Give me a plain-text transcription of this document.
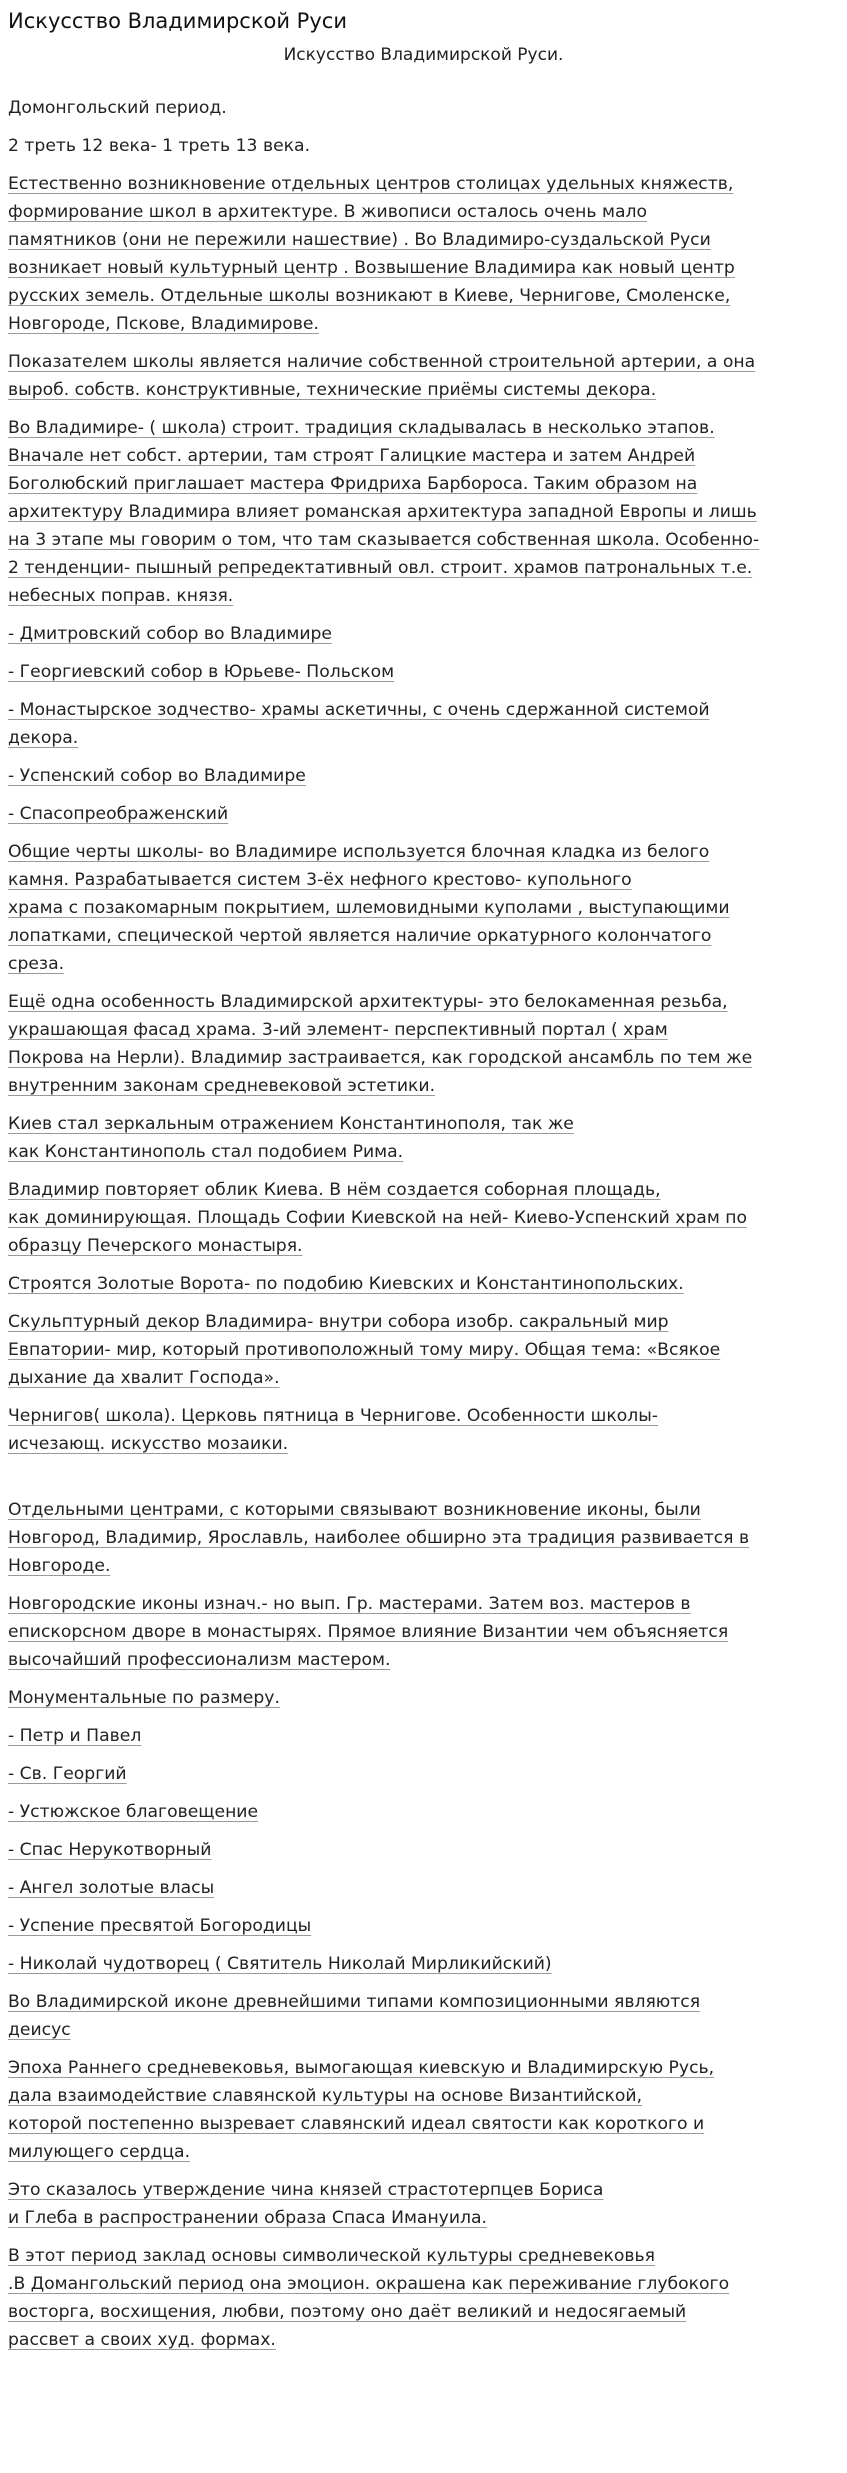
Искусство Владимирской Руси
Искусство Владимирской Руси.

Домонгольский период.

2 треть 12 века- 1 треть 13 века.

Естественно возникновение отдельных центров столицах удельных княжеств,
формирование школ в архитектуре. В живописи осталось очень мало
памятников (они не пережили нашествие) . Во Владимиро-суздальской Руси
возникает новый культурный центр . Возвышение Владимира как новый центр
русских земель. Отдельные школы возникают в Киеве, Чернигове, Смоленске,
Новгороде, Пскове, Владимирове.

Показателем школы является наличие собственной строительной артерии, а она
выроб. собств. конструктивные, технические приёмы системы декора.

Во Владимире- ( школа) строит. традиция складывалась в несколько этапов.
Вначале нет собст. артерии, там строят Галицкие мастера и затем Андрей
Боголюбский приглашает мастера Фридриха Барбороса. Таким образом на
архитектуру Владимира влияет романская архитектура западной Европы и лишь
на 3 этапе мы говорим о том, что там сказывается собственная школа. Особенно-
2 тенденции- пышный репредектативный овл. строит. храмов патрональных т.е.
небесных поправ. князя.

- Дмитровский собор во Владимире

- Георгиевский собор в Юрьеве- Польском

- Монастырское зодчество- храмы аскетичны, с очень сдержанной системой
декора.

- Успенский собор во Владимире

- Спасопреображенский

Общие черты школы- во Владимире используется блочная кладка из белого
камня. Разрабатывается систем 3-ёх нефного крестово- купольного
храма с позакомарным покрытием, шлемовидными куполами , выступающими
лопатками, спецической чертой является наличие оркатурного колончатого
среза.

Ещё одна особенность Владимирской архитектуры- это белокаменная резьба,
украшающая фасад храма. 3-ий элемент- перспективный портал ( храм
Покрова на Нерли). Владимир застраивается, как городской ансамбль по тем же
внутренним законам средневековой эстетики.

Киев стал зеркальным отражением Константинополя, так же
как Константинополь стал подобием Рима.

Владимир повторяет облик Киева. В нём создается соборная площадь,
как доминирующая. Площадь Софии Киевской на ней- Киево-Успенский храм по
образцу Печерского монастыря.

Строятся Золотые Ворота- по подобию Киевских и Константинопольских.

Скульптурный декор Владимира- внутри собора изобр. сакральный мир
Евпатории- мир, который противоположный тому миру. Общая тема: «Всякое
дыхание да хвалит Господа».

Чернигов( школа). Церковь пятница в Чернигове. Особенности школы-
исчезающ. искусство мозаики.

Отдельными центрами, с которыми связывают возникновение иконы, были
Новгород, Владимир, Ярославль, наиболее обширно эта традиция развивается в
Новгороде.

Новгородские иконы изнач.- но вып. Гр. мастерами. Затем воз. мастеров в
епискорсном дворе в монастырях. Прямое влияние Византии чем объясняется
высочайший профессионализм мастером.

Монументальные по размеру.

- Петр и Павел

- Св. Георгий

- Устюжское благовещение

- Спас Нерукотворный

- Ангел золотые власы

- Успение пресвятой Богородицы

- Николай чудотворец ( Святитель Николай Мирликийский)

Во Владимирской иконе древнейшими типами композиционными являются
деисус

Эпоха Раннего средневековья, вымогающая киевскую и Владимирскую Русь,
дала взаимодействие славянской культуры на основе Византийской,
которой постепенно вызревает славянский идеал святости как короткого и
милующего сердца.

Это сказалось утверждение чина князей страстотерпцев Бориса
и Глеба в распространении образа Спаса Имануила.

В этот период заклад основы символической культуры средневековья
.В Домангольский период она эмоцион. окрашена как переживание глубокого
восторга, восхищения, любви, поэтому оно даёт великий и недосягаемый
рассвет а своих худ. формах.
